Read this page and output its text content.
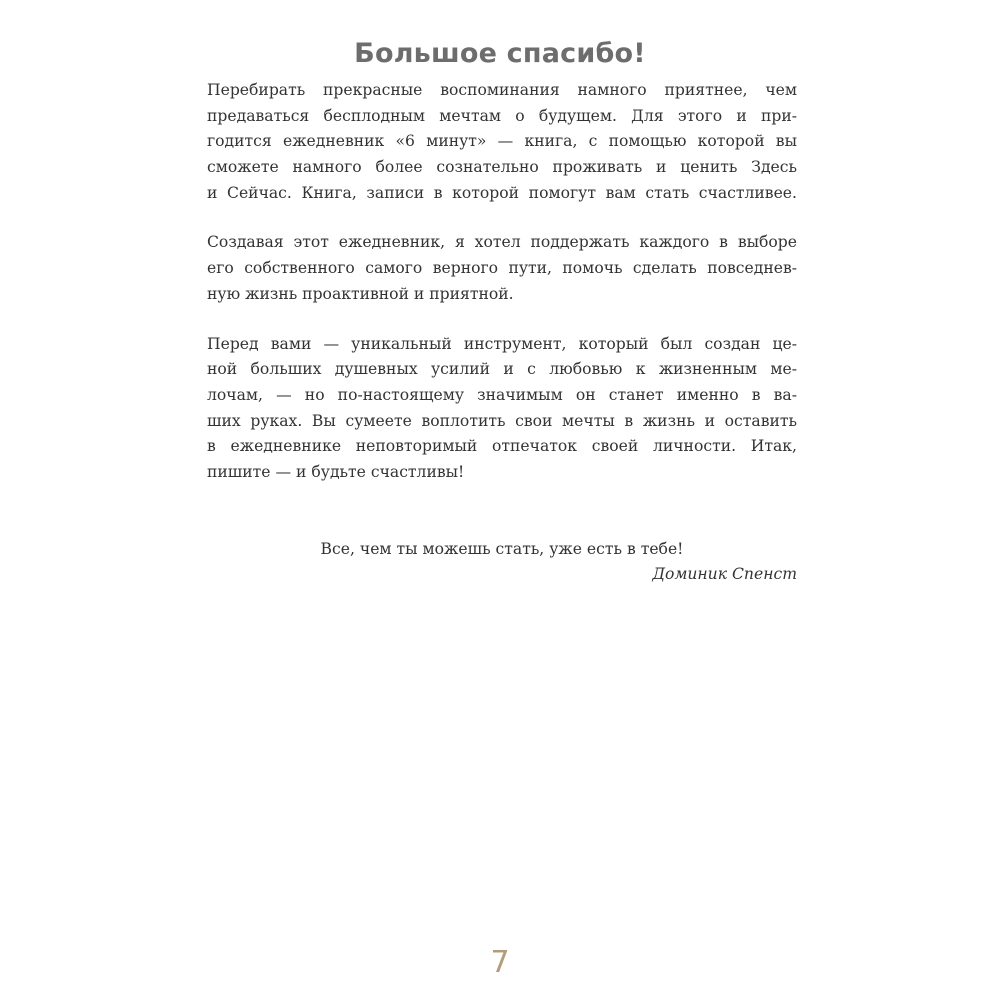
Большое спасибо!

Перебирать прекрасные воспоминания намного приятнее, чем
предаваться бесплодным мечтам о будущем. Для этого и при-
годится ежедневник «6 минут» — книга, с помощью которой вы
сможете намного более сознательно проживать и ценить Здесь
и Сейчас. Книга, записи в которой помогут вам стать счастливее.

Создавая этот ежедневник, я хотел поддержать каждого в выборе
его собственного самого верного пути, помочь сделать повседнев-
ную жизнь проактивной и приятной.

Перед вами — уникальный инструмент, который был создан це-
ной больших душевных усилий и с любовью к жизненным ме-
лочам, — но по-настоящему значимым он станет именно в ва-
ших руках. Вы сумеете воплотить свои мечты в жизнь и оставить
в ежедневнике неповторимый отпечаток своей личности. Итак,
пишите — и будьте счастливы!

Все, чем ты можешь стать, уже есть в тебе!
Доминик Спенст
7
